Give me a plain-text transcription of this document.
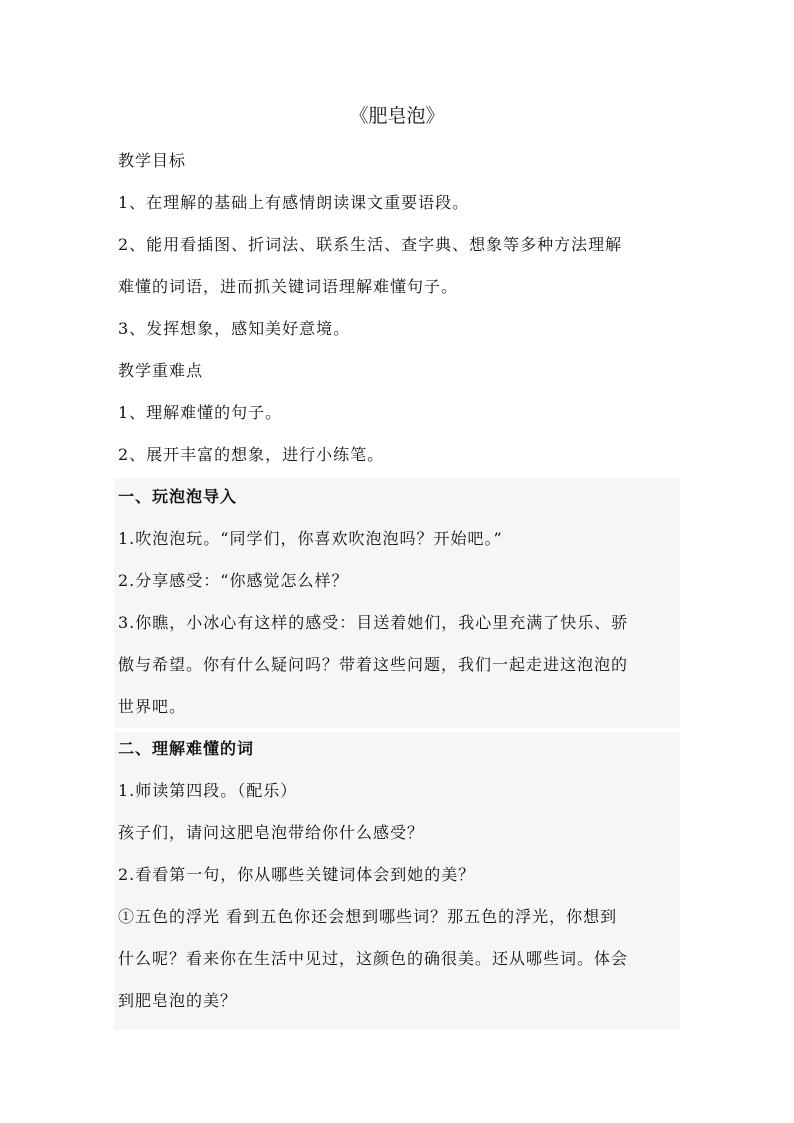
《肥皂泡》
教学目标
1、在理解的基础上有感情朗读课文重要语段。
2、能用看插图、折词法、联系生活、查字典、想象等多种方法理解
难懂的词语，进而抓关键词语理解难懂句子。
3、发挥想象，感知美好意境。
教学重难点
1、理解难懂的句子。
2、展开丰富的想象，进行小练笔。
一、玩泡泡导入
1.吹泡泡玩。“同学们，你喜欢吹泡泡吗？开始吧。”
2.分享感受：“你感觉怎么样？
3.你瞧，小冰心有这样的感受：目送着她们，我心里充满了快乐、骄
傲与希望。你有什么疑问吗？带着这些问题，我们一起走进这泡泡的
世界吧。
二、理解难懂的词
1.师读第四段。（配乐）
孩子们，请问这肥皂泡带给你什么感受？
2.看看第一句，你从哪些关键词体会到她的美？
①五色的浮光 看到五色你还会想到哪些词？那五色的浮光，你想到
什么呢？看来你在生活中见过，这颜色的确很美。还从哪些词。体会
到肥皂泡的美？
